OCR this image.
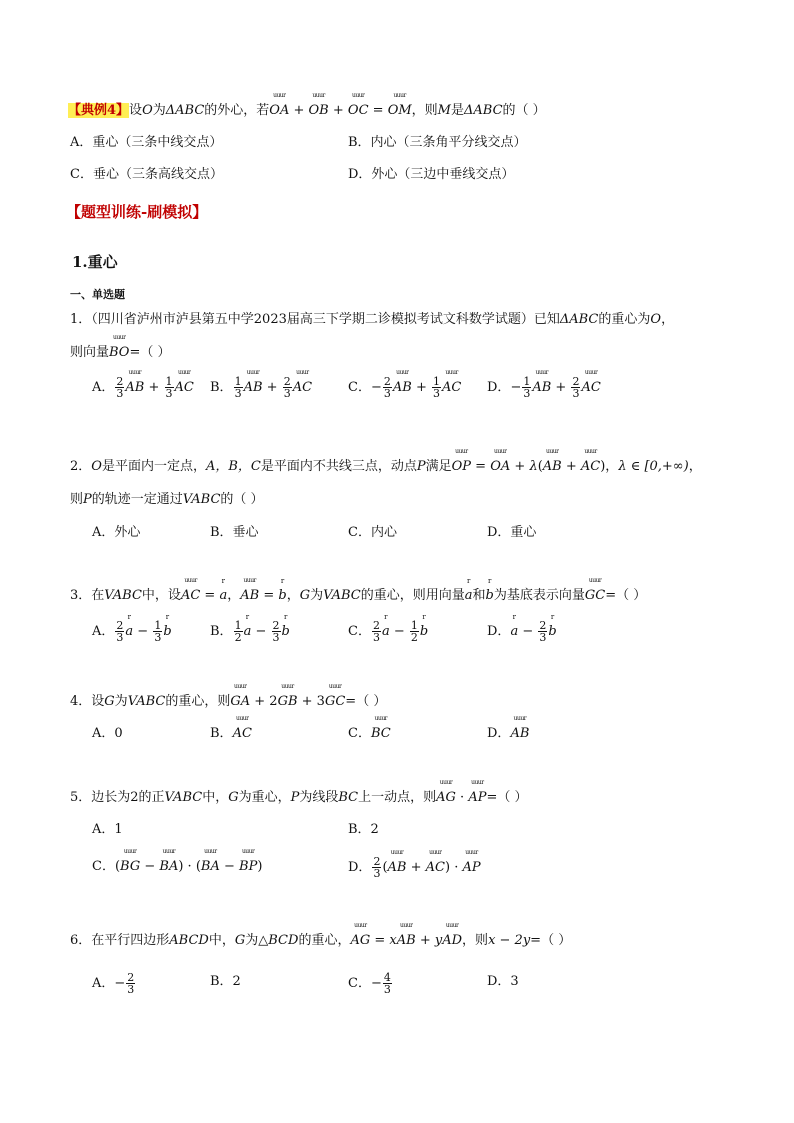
【典例4】设O为ΔABC的外心，若uuur OA + uuur OB + uuur OC = uuur OM，则M是ΔABC的（ ）
A．重心（三条中线交点）	B．内心（三条角平分线交点）
C．垂心（三条高线交点）	D．外心（三边中垂线交点）
【题型训练-刷模拟】
1.重心
一、单选题
1．（四川省泸州市泸县第五中学2023届高三下学期二诊模拟考试文科数学试题）已知ΔABC的重心为O，
则向量uuur BO=（ ）
A． $\frac{2}{3}$ uuur AB + $\frac{1}{3}$ uuur AC B． $\frac{1}{3}$ uuur AB + $\frac{2}{3}$ uuur AC	C．− $\frac{2}{3}$ uuur AB + $\frac{1}{3}$ uuur AC D．− $\frac{1}{3}$ uuur AB + $\frac{2}{3}$ uuur AC
2．O是平面内一定点，A，B，C是平面内不共线三点，动点P满足uuur OP = uuur OA + λ(uuur AB + uuur AC)，λ ∈ [0,+∞)，
则P的轨迹一定通过VABC的（ ）
A．外心	B．垂心	C．内心	D．重心
3．在VABC中，设uuur AC = r a，uuur AB = r b，G为VABC的重心，则用向量r a和r b为基底表示向量uuur GC=（ ）
A． $\frac{2}{3}$ r $a - \frac{1}{3}$ r b	B． $\frac{1}{2}$ r $a - \frac{2}{3}$ r b	C． $\frac{2}{3}$ r $a - \frac{1}{2}$ r b	D．r $a - \frac{2}{3}$ r b
4．设G为VABC的重心，则uuur GA + 2uuur GB + 3uuur GC=（ ）
A．0	B．uuur AC	C．uuur BC	D．uuur AB
5．边长为2的正VABC中，G为重心，P为线段BC上一动点，则uuur AG · uuur AP=（ ）
A．1	B．2
C．(uuur BG − uuur BA) · (uuur BA − uuur BP)	D． $\frac{2}{3}$ (uuur AB + uuur AC) · uuur AP
6．在平行四边形ABCD中，G为△BCD的重心，uuur AG = xuuur AB + yuuur AD，则x − 2y=（ ）
A．− $\frac{2}{3}$	B．2	C．− $\frac{4}{3}$	D．3
